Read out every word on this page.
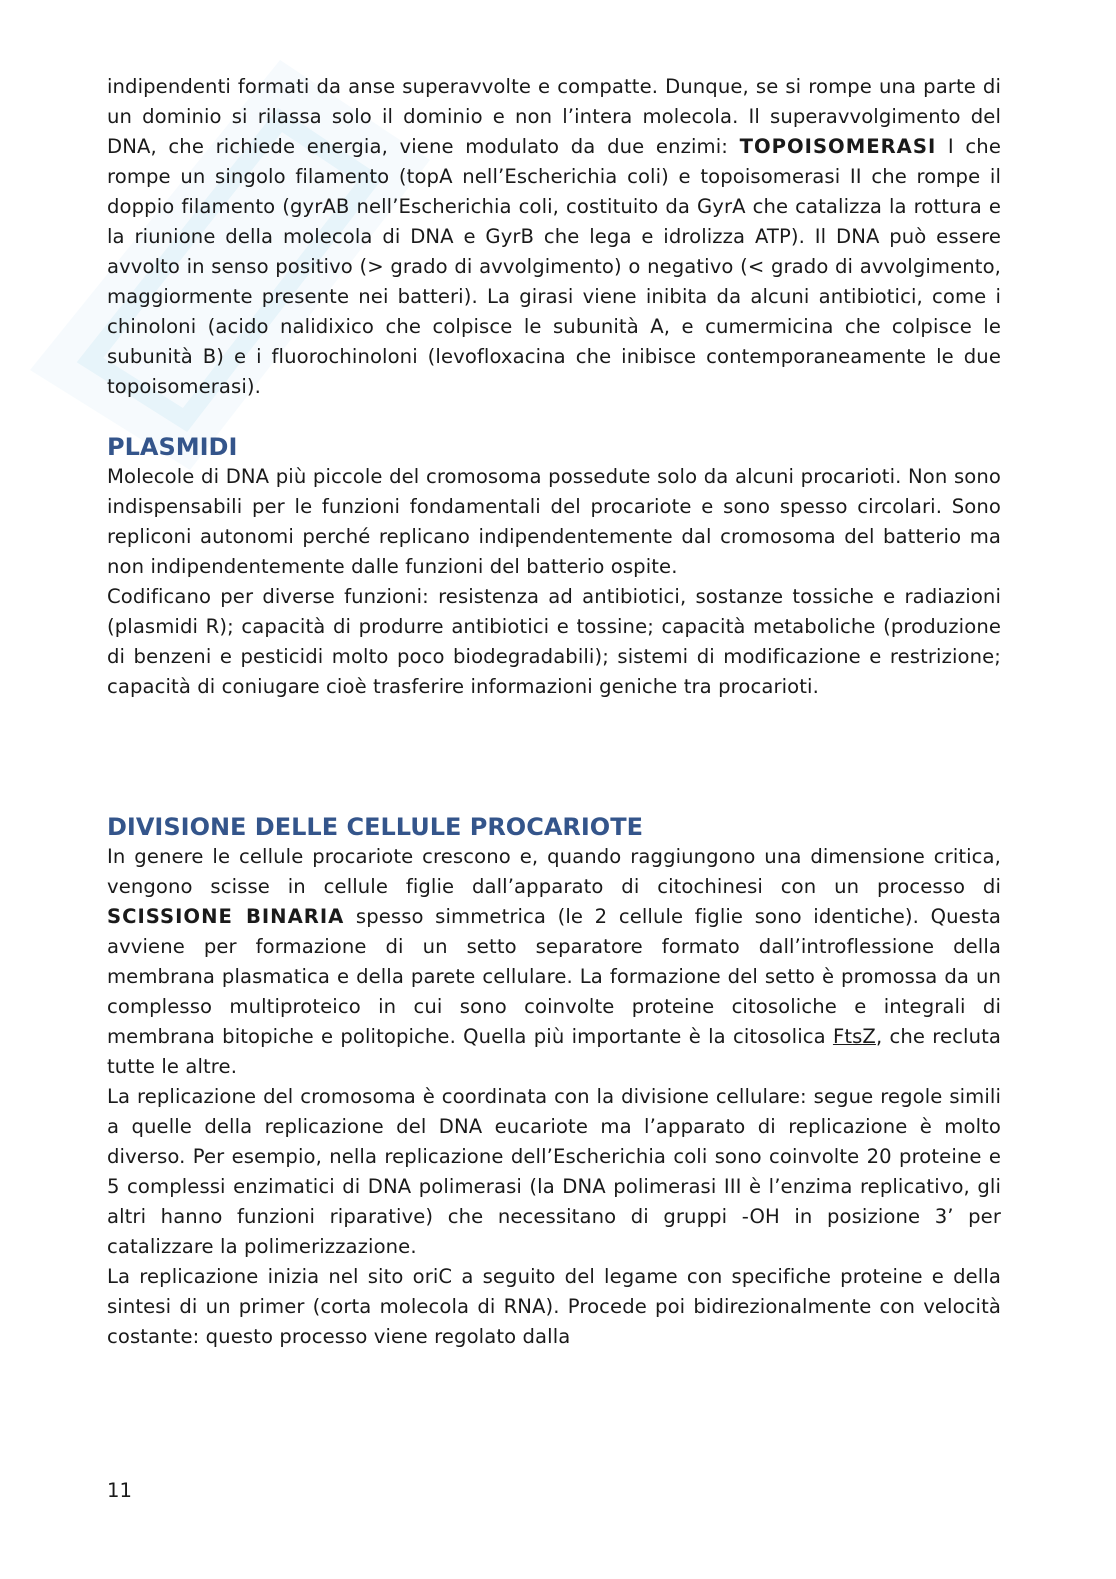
indipendenti formati da anse superavvolte e compatte. Dunque, se si rompe una parte di un dominio si rilassa solo il dominio e non l’intera molecola. Il superavvolgimento del DNA, che richiede energia, viene modulato da due enzimi: TOPOISOMERASI I che rompe un singolo filamento (topA nell’Escherichia coli) e topoisomerasi II che rompe il doppio filamento (gyrAB nell’Escherichia coli, costituito da GyrA che catalizza la rottura e la riunione della molecola di DNA e GyrB che lega e idrolizza ATP). Il DNA può essere avvolto in senso positivo (> grado di avvolgimento) o negativo (< grado di avvolgimento, maggiormente presente nei batteri). La girasi viene inibita da alcuni antibiotici, come i chinoloni (acido nalidixico che colpisce le subunità A, e cumermicina che colpisce le subunità B) e i fluorochinoloni (levofloxacina che inibisce contemporaneamente le due topoisomerasi).

PLASMIDI

Molecole di DNA più piccole del cromosoma possedute solo da alcuni procarioti. Non sono indispensabili per le funzioni fondamentali del procariote e sono spesso circolari. Sono repliconi autonomi perché replicano indipendentemente dal cromosoma del batterio ma non indipendentemente dalle funzioni del batterio ospite.

Codificano per diverse funzioni: resistenza ad antibiotici, sostanze tossiche e radiazioni (plasmidi R); capacità di produrre antibiotici e tossine; capacità metaboliche (produzione di benzeni e pesticidi molto poco biodegradabili); sistemi di modificazione e restrizione; capacità di coniugare cioè trasferire informazioni geniche tra procarioti.

DIVISIONE DELLE CELLULE PROCARIOTE

In genere le cellule procariote crescono e, quando raggiungono una dimensione critica, vengono scisse in cellule figlie dall’apparato di citochinesi con un processo di SCISSIONE BINARIA spesso simmetrica (le 2 cellule figlie sono identiche). Questa avviene per formazione di un setto separatore formato dall’introflessione della membrana plasmatica e della parete cellulare. La formazione del setto è promossa da un complesso multiproteico in cui sono coinvolte proteine citosoliche e integrali di membrana bitopiche e politopiche. Quella più importante è la citosolica FtsZ, che recluta tutte le altre.

La replicazione del cromosoma è coordinata con la divisione cellulare: segue regole simili a quelle della replicazione del DNA eucariote ma l’apparato di replicazione è molto diverso. Per esempio, nella replicazione dell’Escherichia coli sono coinvolte 20 proteine e 5 complessi enzimatici di DNA polimerasi (la DNA polimerasi III è l’enzima replicativo, gli altri hanno funzioni riparative) che necessitano di gruppi -OH in posizione 3’ per catalizzare la polimerizzazione.

La replicazione inizia nel sito oriC a seguito del legame con specifiche proteine e della sintesi di un primer (corta molecola di RNA). Procede poi bidirezionalmente con velocità costante: questo processo viene regolato dalla

11
